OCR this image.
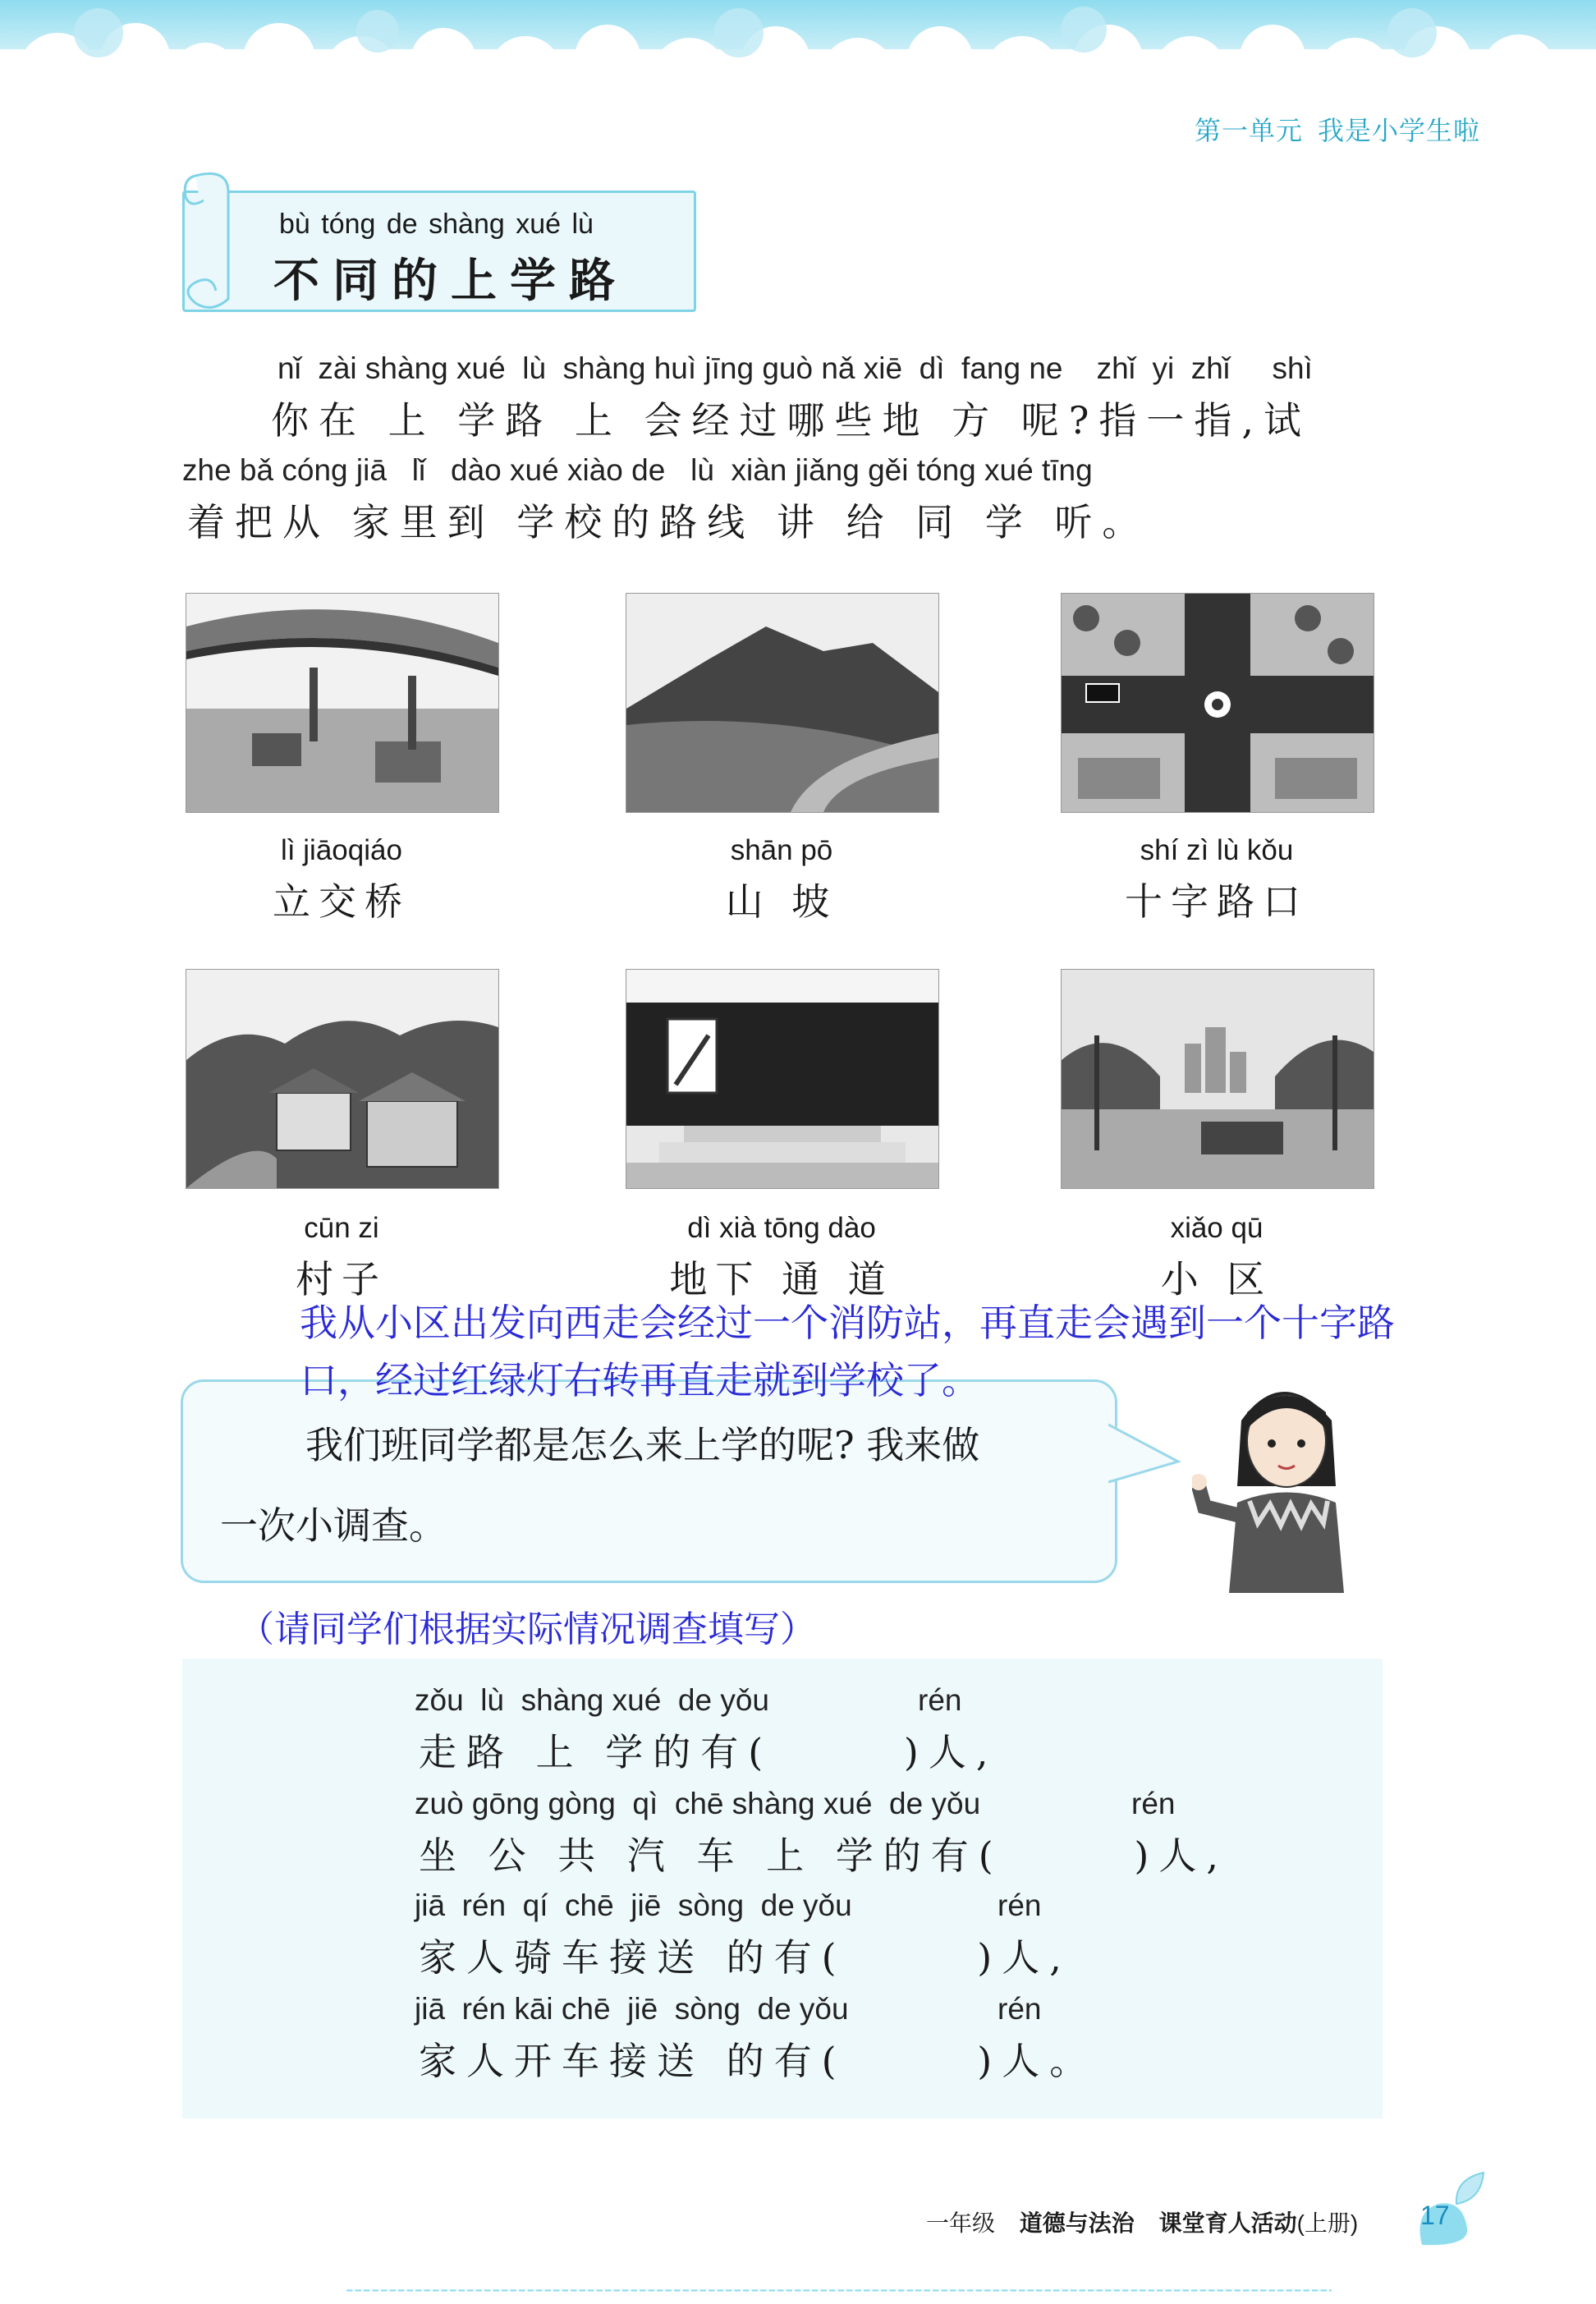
第一单元 我是小学生啦
bù tóng de shàng xué lù
不同的上学路
nǐ  zài shàng xué  lù  shàng huì jīng guò nǎ xiē  dì  fang ne    zhǐ  yi  zhǐ     shì
你在 上 学路 上 会经过哪些地 方 呢?指一指,试
zhe bǎ cóng jiā   lǐ   dào xué xiào de   lù  xiàn jiǎng gěi tóng xué tīng
着把从 家里到 学校的路线 讲 给 同 学 听。
lì jiāoqiáo
立交桥
shān pō
山 坡
shí zì lù kǒu
十字路口
cūn zi
村子
dì xià tōng dào
地下 通 道
xiǎo qū
小 区
我们班同学都是怎么来上学的呢? 我来做
一次小调查。
我从小区出发向西走会经过一个消防站，再直走会遇到一个十字路口，经过红绿灯右转再直走就到学校了。
（请同学们根据实际情况调查填写）
zǒu  lù  shàng xué  de yǒu	rén
走路 上 学的有(      )人,
zuò gōng gòng  qì  chē shàng xué  de yǒu	rén
坐 公 共 汽 车 上 学的有(      )人,
jiā  rén  qí  chē  jiē  sòng  de yǒu	rén
家人骑车接送 的有(      )人,
jiā  rén kāi chē  jiē  sòng  de yǒu	rén
家人开车接送 的有(      )人。
一年级 道德与法治 课堂育人活动(上册) 17
